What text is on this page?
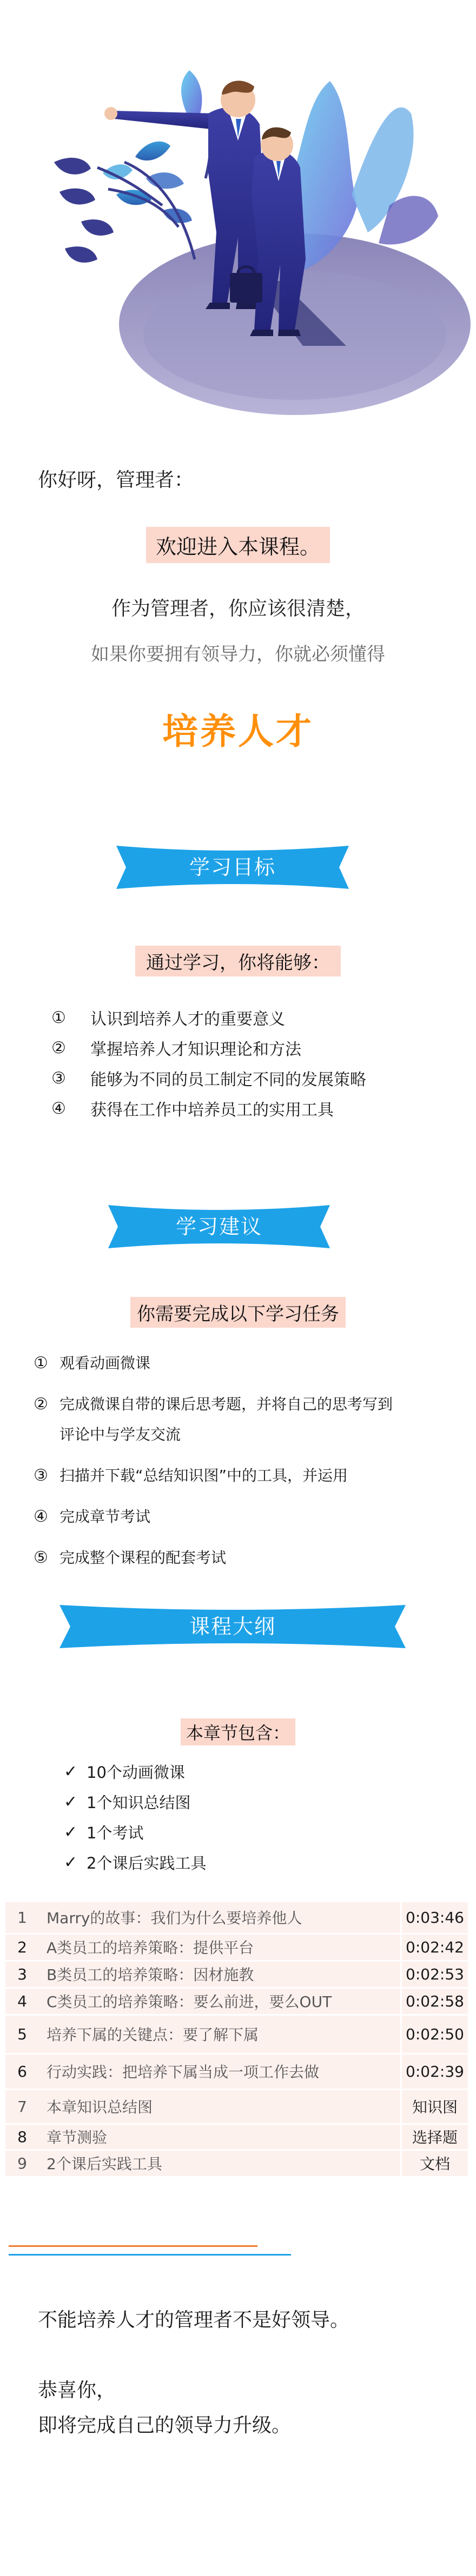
你好呀，管理者：
欢迎进入本课程。
作为管理者，你应该很清楚，
如果你要拥有领导力，你就必须懂得
培养人才
学习目标
通过学习，你将能够：
①	认识到培养人才的重要意义
②	掌握培养人才知识理论和方法
③	能够为不同的员工制定不同的发展策略
④	获得在工作中培养员工的实用工具
学习建议
你需要完成以下学习任务
① 观看动画微课
② 完成微课自带的课后思考题，并将自己的思考写到
评论中与学友交流
③ 扫描并下载“总结知识图”中的工具，并运用
④ 完成章节考试
⑤ 完成整个课程的配套考试
课程大纲
本章节包含：
✓ 10个动画微课
✓ 1个知识总结图
✓ 1个考试
✓ 2个课后实践工具
1	Marry的故事：我们为什么要培养他人	0:03:46
2	A类员工的培养策略：提供平台	0:02:42
3	B类员工的培养策略：因材施教	0:02:53
4	C类员工的培养策略：要么前进，要么OUT	0:02:58
5	培养下属的关键点：要了解下属	0:02:50
6	行动实践：把培养下属当成一项工作去做	0:02:39
7	本章知识总结图	知识图
8	章节测验	选择题
9	2个课后实践工具	文档
不能培养人才的管理者不是好领导。
恭喜你，
即将完成自己的领导力升级。
